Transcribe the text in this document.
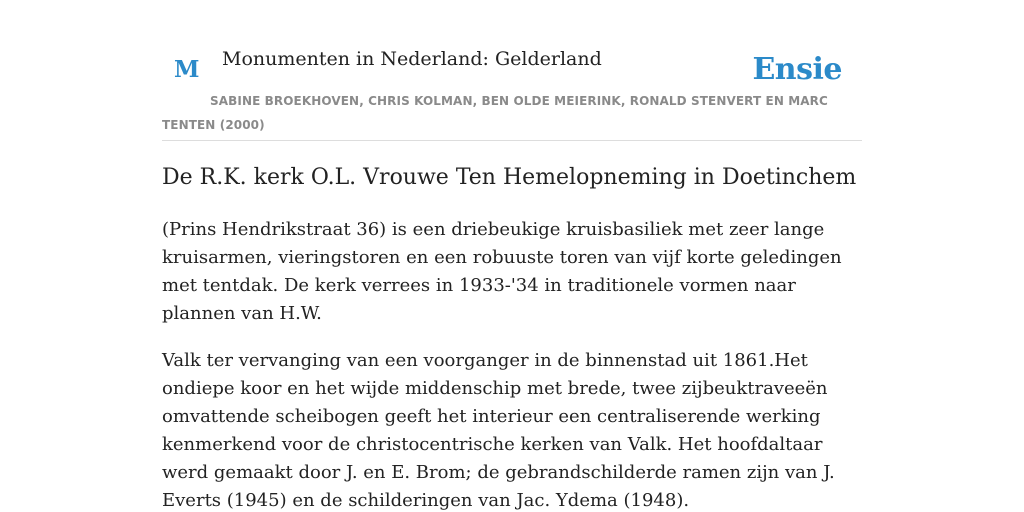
M Monumenten in Nederland: Gelderland	Ensie
SABINE BROEKHOVEN, CHRIS KOLMAN, BEN OLDE MEIERINK, RONALD STENVERT EN MARC TENTEN (2000)
De R.K. kerk O.L. Vrouwe Ten Hemelopneming in Doetinchem

(Prins Hendrikstraat 36) is een driebeukige kruisbasiliek met zeer lange kruisarmen, vieringstoren en een robuuste toren van vijf korte geledingen met tentdak. De kerk verrees in 1933-'34 in traditionele vormen naar plannen van H.W.

Valk ter vervanging van een voorganger in de binnenstad uit 1861.Het ondiepe koor en het wijde middenschip met brede, twee zijbeuktraveeën omvattende scheibogen geeft het interieur een centraliserende werking kenmerkend voor de christocentrische kerken van Valk. Het hoofdaltaar werd gemaakt door J. en E. Brom; de gebrandschilderde ramen zijn van J. Everts (1945) en de schilderingen van Jac. Ydema (1948).
